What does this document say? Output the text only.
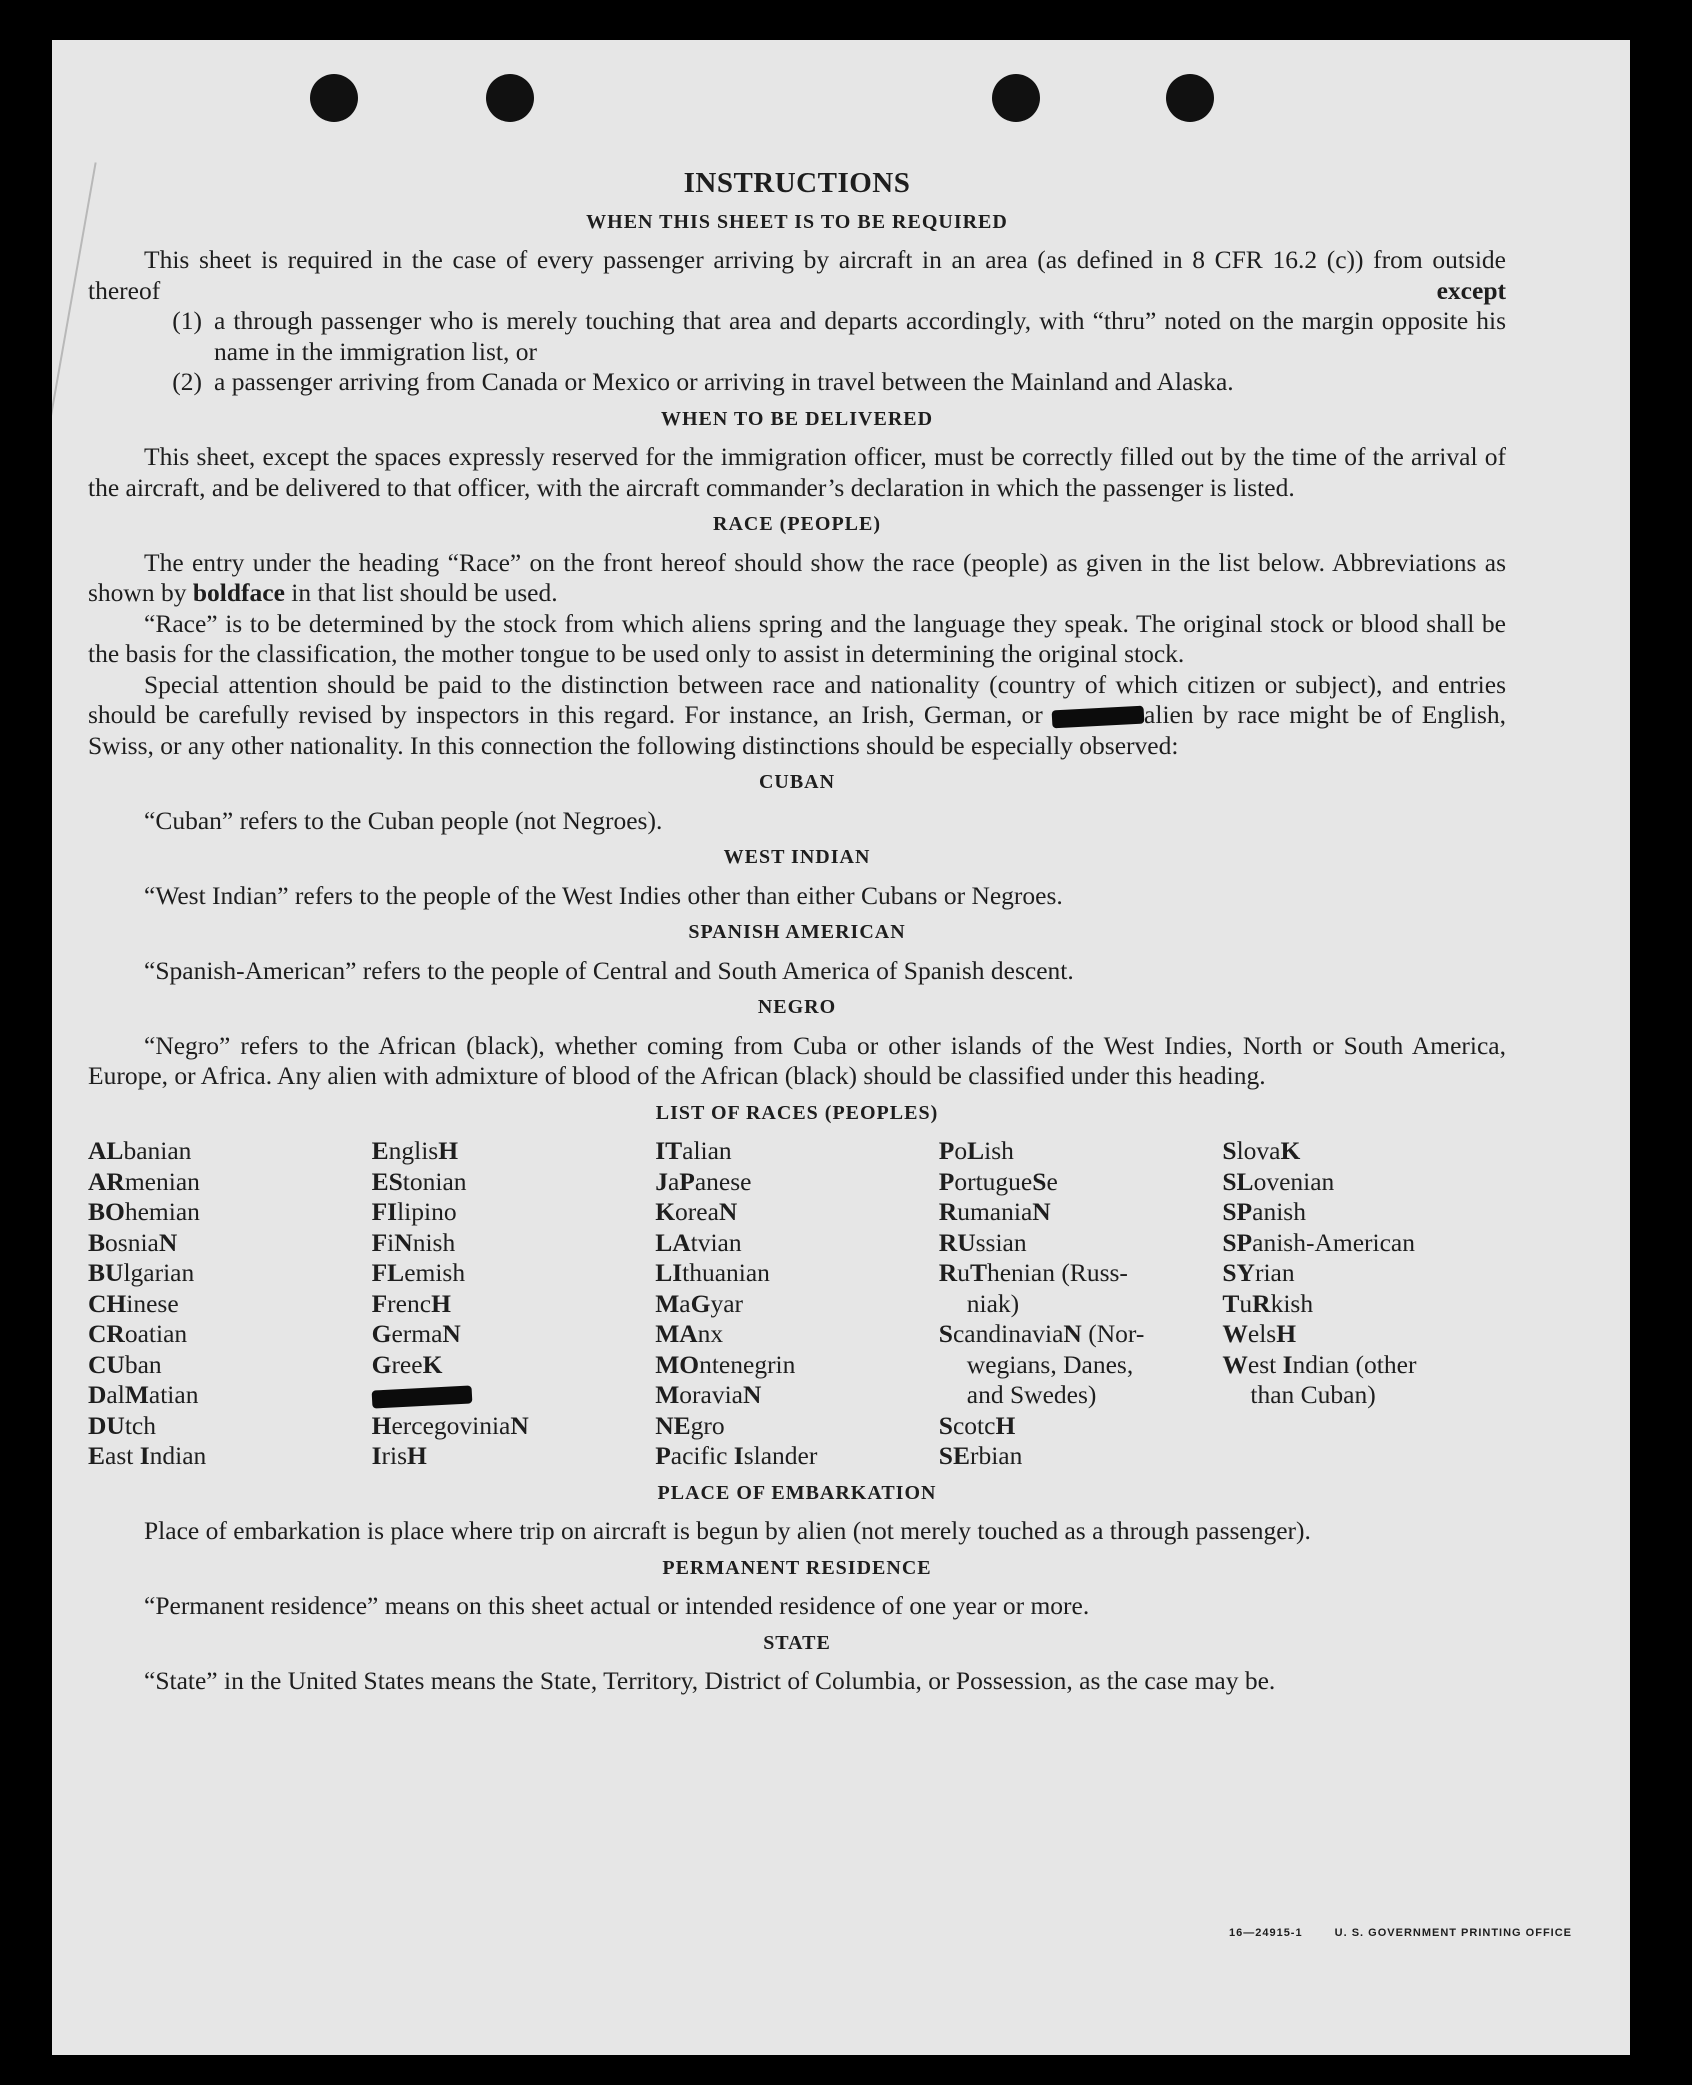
INSTRUCTIONS
WHEN THIS SHEET IS TO BE REQUIRED

This sheet is required in the case of every passenger arriving by aircraft in an area (as defined in 8 CFR 16.2 (c)) from outside thereof	except

(1) a through passenger who is merely touching that area and departs accordingly, with “thru” noted on the margin opposite his name in the immigration list, or
(2) a passenger arriving from Canada or Mexico or arriving in travel between the Mainland and Alaska.
WHEN TO BE DELIVERED

This sheet, except the spaces expressly reserved for the immigration officer, must be correctly filled out by the time of the arrival of the aircraft, and be delivered to that officer, with the aircraft commander’s declaration in which the passenger is listed.

RACE (PEOPLE)

The entry under the heading “Race” on the front hereof should show the race (people) as given in the list below. Abbreviations as shown by boldface in that list should be used.

“Race” is to be determined by the stock from which aliens spring and the language they speak. The original stock or blood shall be the basis for the classification, the mother tongue to be used only to assist in determining the original stock.

Special attention should be paid to the distinction between race and nationality (country of which citizen or subject), and entries should be carefully revised by inspectors in this regard. For instance, an Irish, German, or	alien by race might be of English, Swiss, or any other nationality. In this connection the following distinctions should be especially observed:

CUBAN

“Cuban” refers to the Cuban people (not Negroes).

WEST INDIAN

“West Indian” refers to the people of the West Indies other than either Cubans or Negroes.

SPANISH AMERICAN

“Spanish-American” refers to the people of Central and South America of Spanish descent.

NEGRO

“Negro” refers to the African (black), whether coming from Cuba or other islands of the West Indies, North or South America, Europe, or Africa. Any alien with admixture of blood of the African (black) should be classified under this heading.

LIST OF RACES (PEOPLES)
ALbanian
ARmenian
BOhemian
BosniaN
BUlgarian
CHinese
CRoatian
CUban
DalMatian
DUtch
East Indian
EnglisH
EStonian
FIlipino
FiNnish
FLemish
FrencH
GermaN
GreeK
HercegoviniaN
IrisH
ITalian
JaPanese
KoreaN
LAtvian
LIthuanian
MaGyar
MAnx
MOntenegrin
MoraviaN
NEgro
Pacific Islander
PoLish
PortugueSe
RumaniaN
RUssian
RuThenian (Russ-
niak)
ScandinaviaN (Nor-
wegians, Danes,
and Swedes)
ScotcH
SErbian
SlovaK
SLovenian
SPanish
SPanish-American
SYrian
TuRkish
WelsH
West Indian (other
than Cuban)
PLACE OF EMBARKATION

Place of embarkation is place where trip on aircraft is begun by alien (not merely touched as a through passenger).

PERMANENT RESIDENCE

“Permanent residence” means on this sheet actual or intended residence of one year or more.

STATE

“State” in the United States means the State, Territory, District of Columbia, or Possession, as the case may be.

16—24915-1	U. S. GOVERNMENT PRINTING OFFICE
